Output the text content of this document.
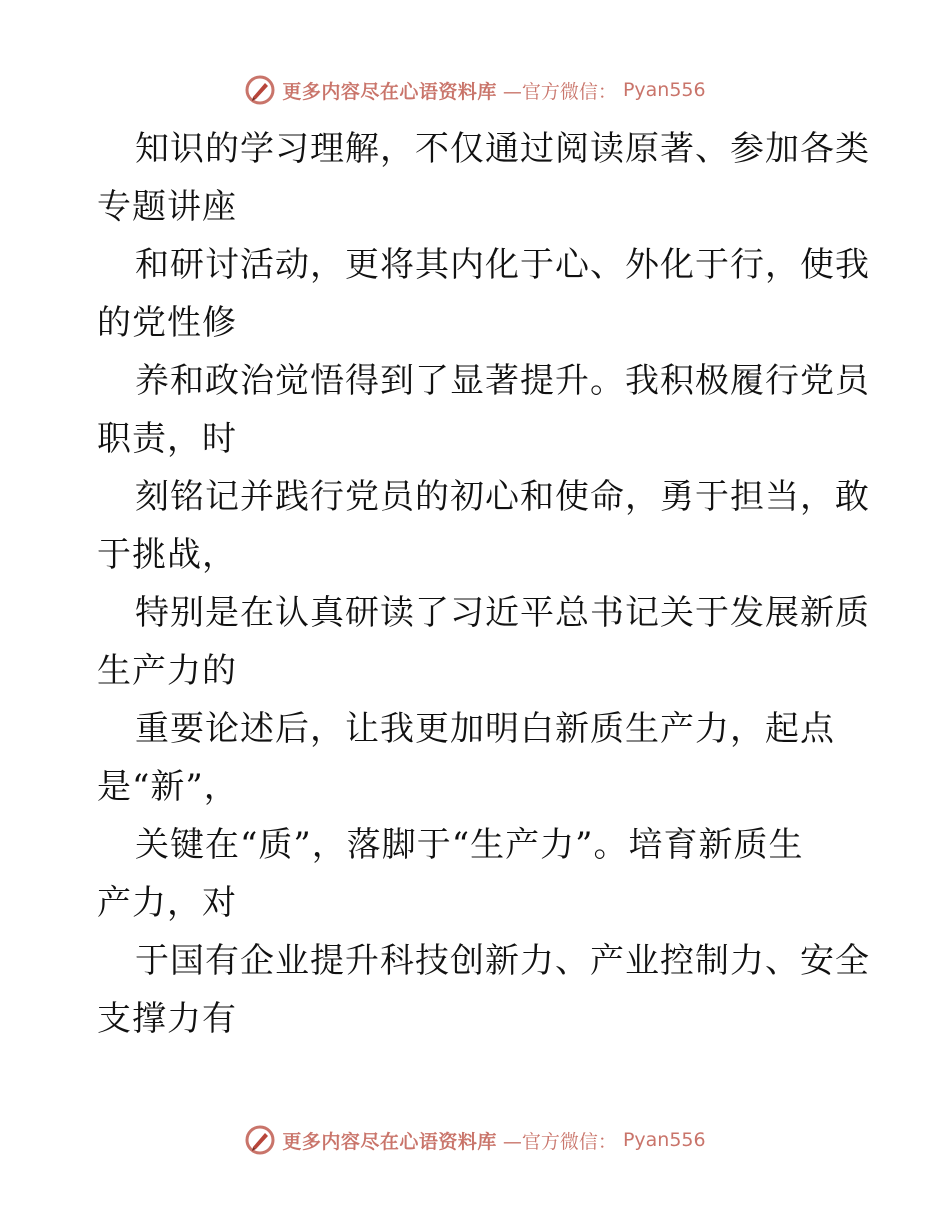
更多内容尽在心语资料库 —官方微信： Pyan556
知识的学习理解，不仅通过阅读原著、参加各类
专题讲座
和研讨活动，更将其内化于心、外化于行，使我
的党性修
养和政治觉悟得到了显著提升。我积极履行党员
职责，时
刻铭记并践行党员的初心和使命，勇于担当，敢
于挑战，
特别是在认真研读了习近平总书记关于发展新质
生产力的
重要论述后，让我更加明白新质生产力，起点
是“新”，
关键在“质”，落脚于“生产力”。培育新质生
产力，对
于国有企业提升科技创新力、产业控制力、安全
支撑力有
更多内容尽在心语资料库 —官方微信： Pyan556
